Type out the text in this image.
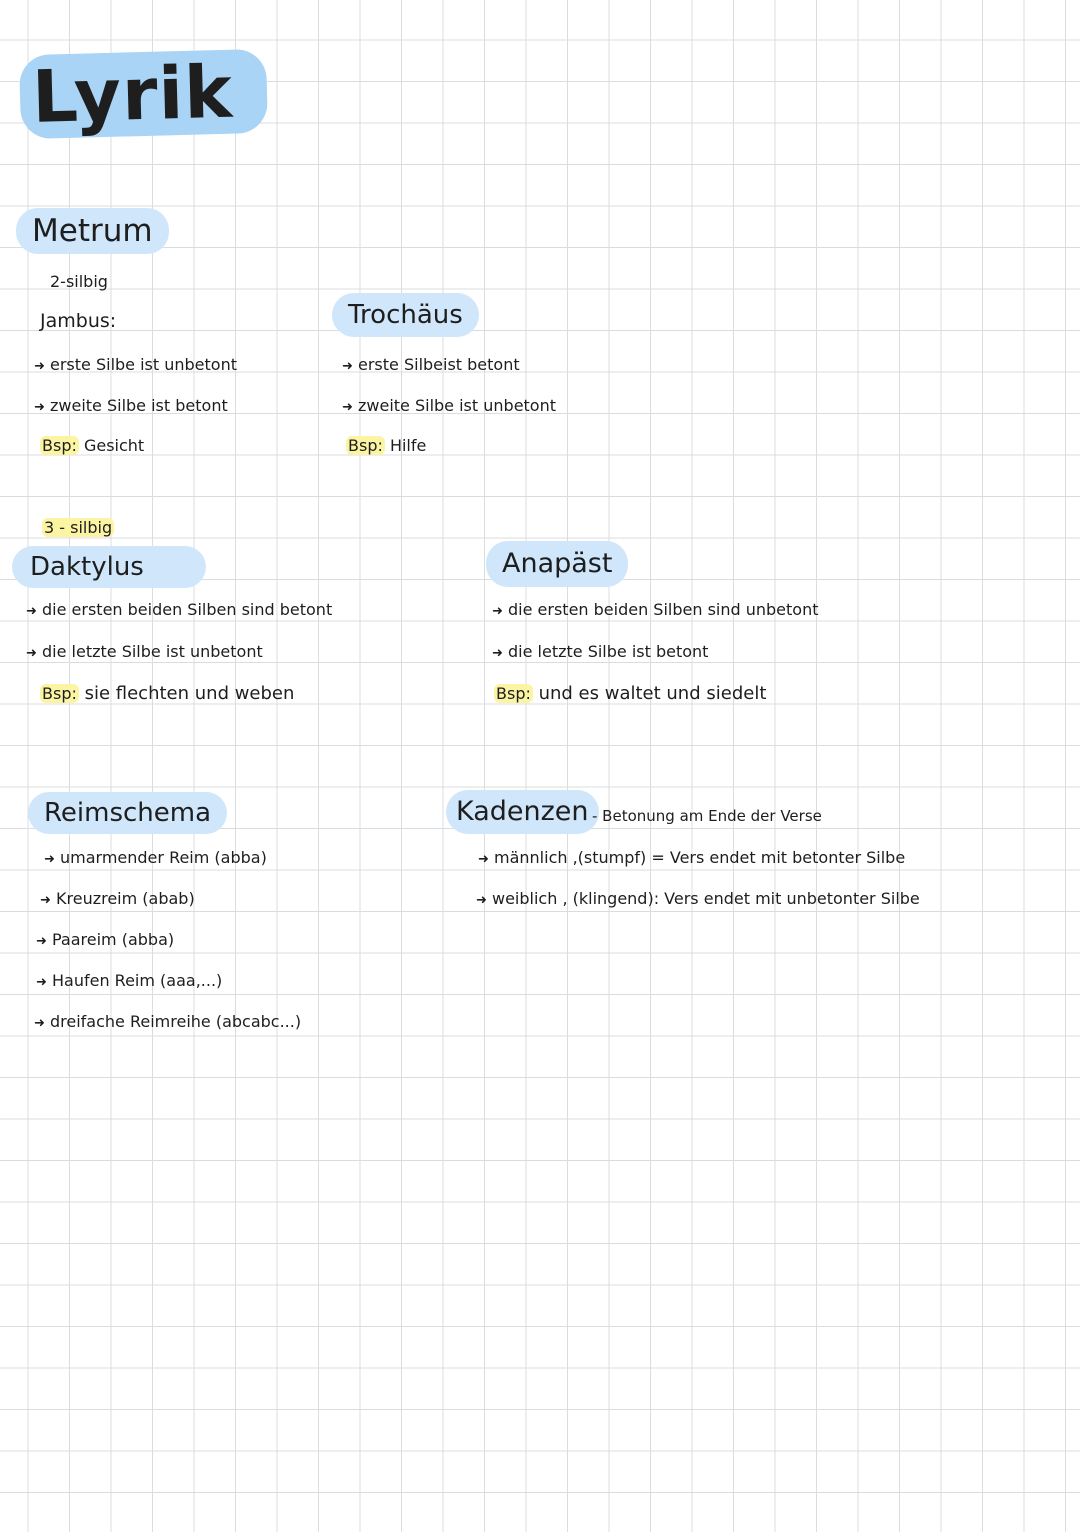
Lyrik
Metrum
2-silbig
Jambus:
➜ erste Silbe ist unbetont
➜ zweite Silbe ist betont
Bsp: Gesicht
Trochäus
➜ erste Silbeist betont
➜ zweite Silbe ist unbetont
Bsp: Hilfe
3 - silbig
Daktylus
➜ die ersten beiden Silben sind betont
➜ die letzte Silbe ist unbetont
Bsp: sie flechten und weben
Anapäst
➜ die ersten beiden Silben sind unbetont
➜ die letzte Silbe ist betont
Bsp: und es waltet und siedelt
Reimschema
➜ umarmender Reim (abba)
➜ Kreuzreim (abab)
➜ Paareim (abba)
➜ Haufen Reim (aaa,...)
➜ dreifache Reimreihe (abcabc...)
Kadenzen - Betonung am Ende der Verse
➜ männlich ,(stumpf) = Vers endet mit betonter Silbe
➜ weiblich , (klingend): Vers endet mit unbetonter Silbe
